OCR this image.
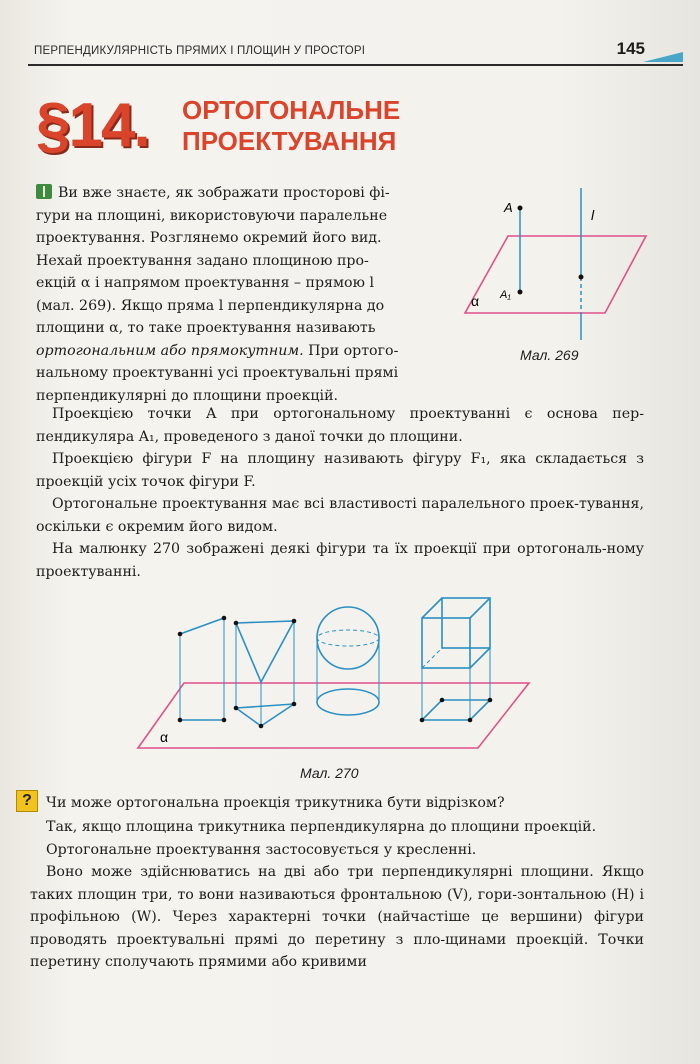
ПЕРПЕНДИКУЛЯРНІСТЬ ПРЯМИХ І ПЛОЩИН У ПРОСТОРІ	145
§14. ОРТОГОНАЛЬНЕ
ПРОЕКТУВАННЯ
Ви вже знаєте, як зображати просторові фі-
гури на площині, використовуючи паралельне
проектування. Розглянемо окремий його вид.
Нехай проектування задано площиною про-
екцій α і напрямом проектування – прямою l
(мал. 269). Якщо пряма l перпендикулярна до
площини α, то таке проектування називають
ортогональним або прямокутним. При ортого-
нальному проектуванні усі проектувальні прямі
перпендикулярні до площини проекцій.
A
A₁
l
α
Мал. 269
Проекцією точки A при ортогональному проектуванні є основа пер-пендикуляра A₁, проведеного з даної точки до площини.
Проекцією фігури F на площину називають фігуру F₁, яка складається з проекцій усіх точок фігури F.
Ортогональне проектування має всі властивості паралельного проек-тування, оскільки є окремим його видом.
На малюнку 270 зображені деякі фігури та їх проекції при ортогональ-ному проектуванні.
α
Мал. 270
? Чи може ортогональна проекція трикутника бути відрізком?
Так, якщо площина трикутника перпендикулярна до площини проекцій.
Ортогональне проектування застосовується у кресленні.
Воно може здійснюватись на дві або три перпендикулярні площини. Якщо таких площин три, то вони називаються фронтальною (V), гори-зонтальною (H) і профільною (W). Через характерні точки (найчастіше це вершини) фігури проводять проектувальні прямі до перетину з пло-щинами проекцій. Точки перетину сполучають прямими або кривими
